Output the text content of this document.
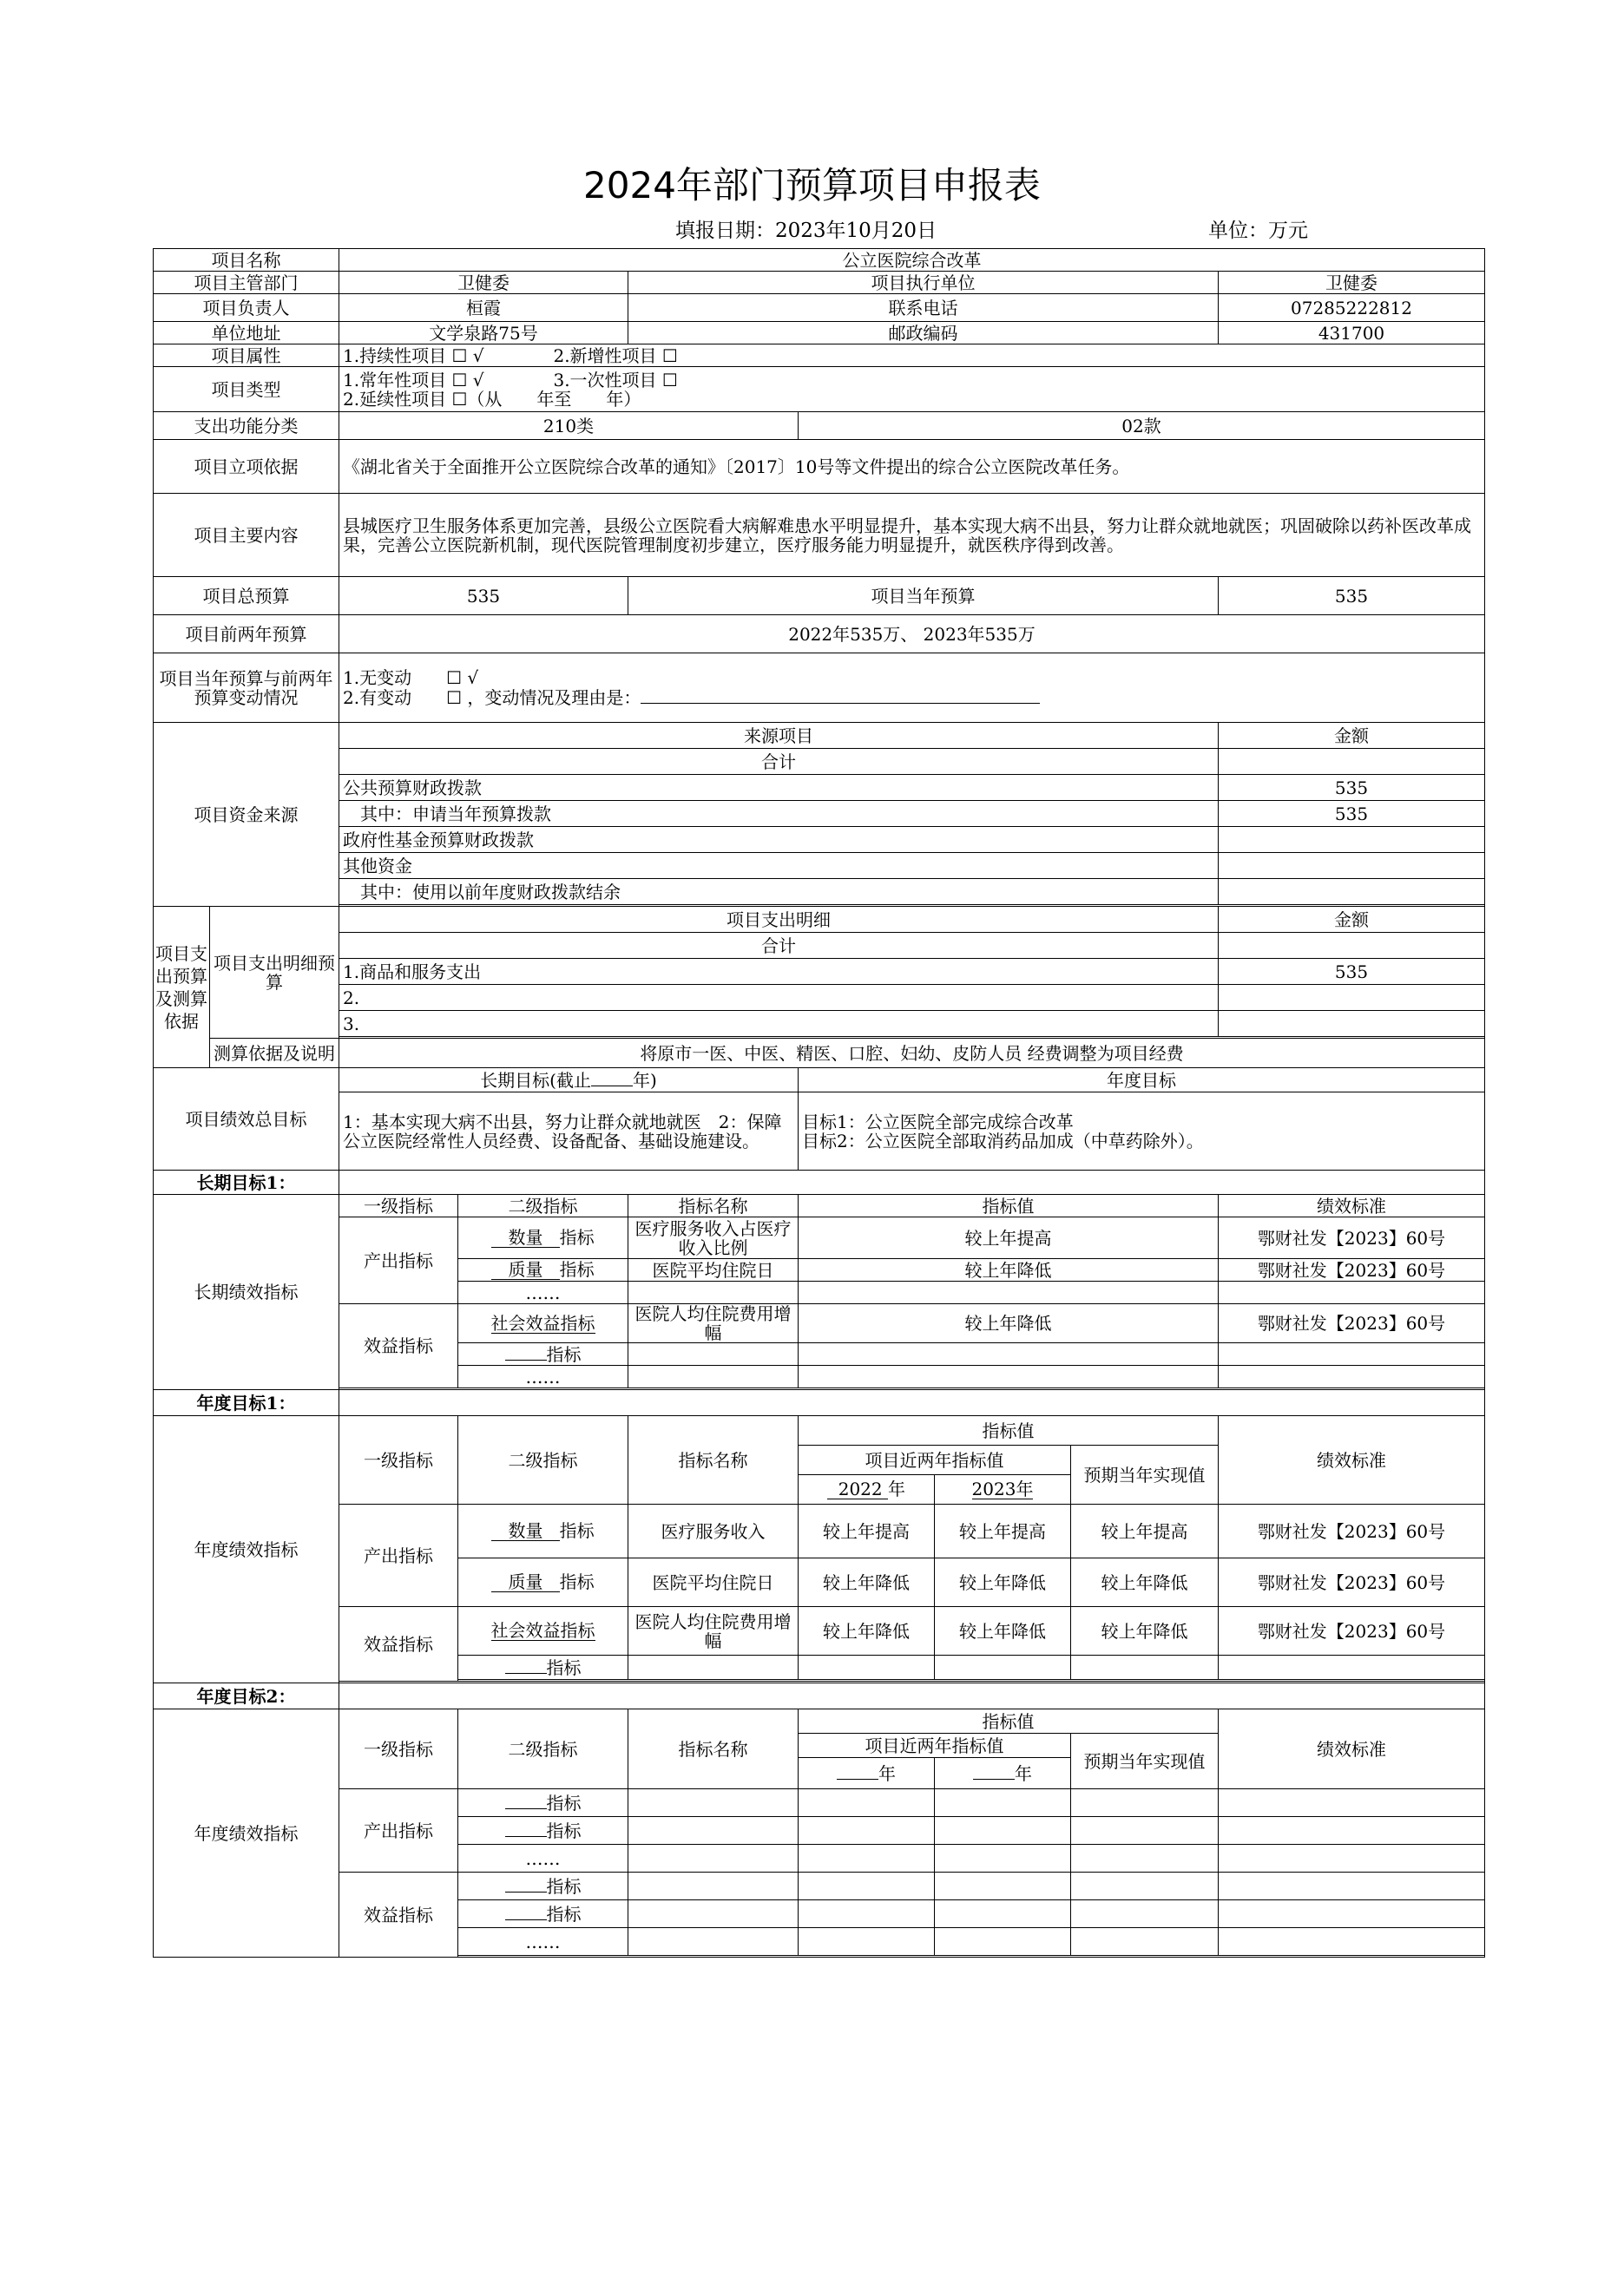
2024年部门预算项目申报表
填报日期：2023年10月20日	单位：万元
项目名称		公立医院综合改革						
项目主管部门		卫健委		项目执行单位				卫健委
项目负责人		桓霞		联系电话				07285222812
单位地址		文学泉路75号		邮政编码				431700
项目属性		1.持续性项目 ☐ √　　　　2.新增性项目 ☐						
项目类型		1.常年性项目 ☐ √　　　　3.一次性项目 ☐
2.延续性项目 ☐（从　　年至　　年）						

支出功能分类		210类			02款			
项目立项依据		《湖北省关于全面推开公立医院综合改革的通知》〔2017〕10号等文件提出的综合公立医院改革任务。						
项目主要内容		县城医疗卫生服务体系更加完善，县级公立医院看大病解难患水平明显提升，基本实现大病不出县，努力让群众就地就医；巩固破除以药补医改革成果，完善公立医院新机制，现代医院管理制度初步建立，医疗服务能力明显提升，就医秩序得到改善。						
项目总预算		535		项目当年预算				535
项目前两年预算		2022年535万、 2023年535万						
项目当年预算与前两年预算变动情况		1.无变动　　☐ √
2.有变动　　☐ ，变动情况及理由是：						

项目资金来源		来源项目						金额
		合计						
		公共预算财政拨款						535
		　其中：申请当年预算拨款						535
		政府性基金预算财政拨款						
		其他资金						
		　其中：使用以前年度财政拨款结余						

项目支出预算及测算依据	项目支出明细预算	项目支出明细						金额
		合计						
		1.商品和服务支出						535
		2.						
		3.						

	测算依据及说明	将原市一医、中医、精医、口腔、妇幼、皮防人员 经费调整为项目经费						
项目绩效总目标		长期目标(截止 年)			年度目标			
		1：基本实现大病不出县，努力让群众就地就医　2：保障公立医院经常性人员经费、设备配备、基础设施建设。			目标1：公立医院全部完成综合改革
目标2：公立医院全部取消药品加成（中草药除外）。			

长期目标1：								
长期绩效指标		一级指标	二级指标	指标名称	指标值			绩效标准
		产出指标	数量 指标	医疗服务收入占医疗收入比例	较上年提高			鄂财社发【2023】60号
			质量 指标	医院平均住院日	较上年降低			鄂财社发【2023】60号
			……					
		效益指标	社会效益指标	医院人均住院费用增幅	较上年降低			鄂财社发【2023】60号
			指标					
			……					

年度目标1：								
年度绩效指标		一级指标	二级指标	指标名称	指标值			绩效标准
					项目近两年指标值		预期当年实现值	
					2022 年	2023年		
		产出指标	数量 指标	医疗服务收入	较上年提高	较上年提高	较上年提高	鄂财社发【2023】60号
			质量 指标	医院平均住院日	较上年降低	较上年降低	较上年降低	鄂财社发【2023】60号
		效益指标	社会效益指标	医院人均住院费用增幅	较上年降低	较上年降低	较上年降低	鄂财社发【2023】60号
			指标					

年度目标2：								
年度绩效指标		一级指标	二级指标	指标名称	指标值			绩效标准
					项目近两年指标值		预期当年实现值	
					年	年		
		产出指标	指标					
			指标					
			……					
		效益指标	指标					
			指标					
			……					
